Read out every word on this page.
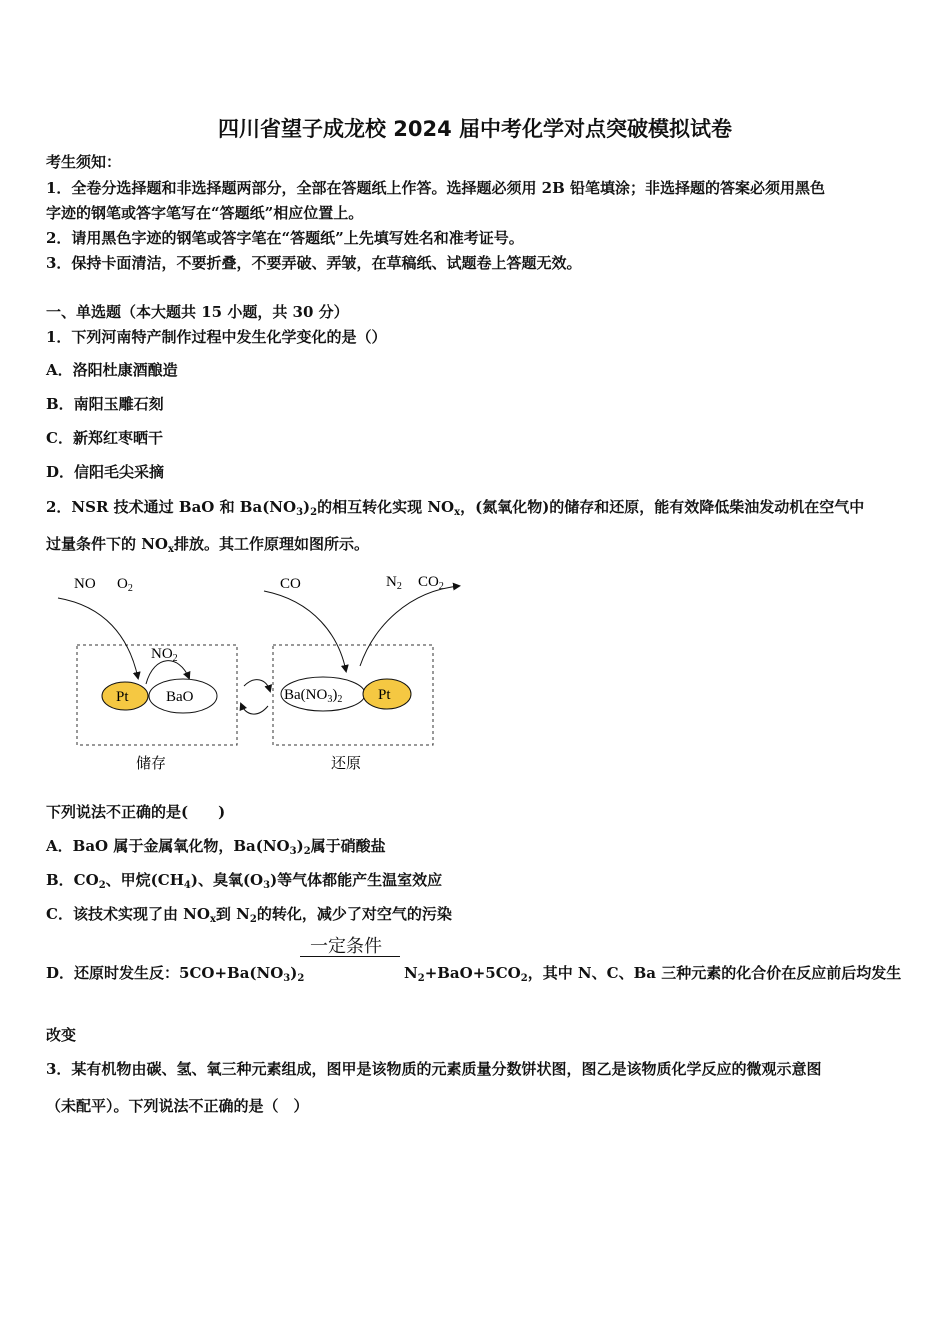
四川省望子成龙校 2024 届中考化学对点突破模拟试卷
考生须知：
1．全卷分选择题和非选择题两部分，全部在答题纸上作答。选择题必须用 2B 铅笔填涂；非选择题的答案必须用黑色
字迹的钢笔或答字笔写在“答题纸”相应位置上。
2．请用黑色字迹的钢笔或答字笔在“答题纸”上先填写姓名和准考证号。
3．保持卡面清洁，不要折叠，不要弄破、弄皱，在草稿纸、试题卷上答题无效。
一、单选题（本大题共 15 小题，共 30 分）
1．下列河南特产制作过程中发生化学变化的是（）
A．洛阳杜康酒酿造
B．南阳玉雕石刻
C．新郑红枣晒干
D．信阳毛尖采摘
2．NSR 技术通过 BaO 和 $Ba(NO_3)_2$的相互转化实现 $NO_x$，(氮氧化物)的储存和还原，能有效降低柴油发动机在空气中
过量条件下的 $NO_x$排放。其工作原理如图所示。
NO $O_2$	CO	$N_2$ $CO_2$
$NO_2$
Pt BaO	$Ba(NO_3)_2$ Pt
储存	还原
下列说法不正确的是(　　)
A．BaO 属于金属氧化物，$Ba(NO_3)_2$属于硝酸盐
B．$CO_2$、甲烷$(CH_4)$、臭氧$(O_3)$等气体都能产生温室效应
C．该技术实现了由 $NO_x$到 $N_2$的转化，减少了对空气的污染
一定条件
D．还原时发生反：$5CO+Ba(NO_3)_2$	$N_2+BaO+5CO_2$，其中 N、C、Ba 三种元素的化合价在反应前后均发生
改变
3．某有机物由碳、氢、氧三种元素组成，图甲是该物质的元素质量分数饼状图，图乙是该物质化学反应的微观示意图
（未配平）。下列说法不正确的是（　）
